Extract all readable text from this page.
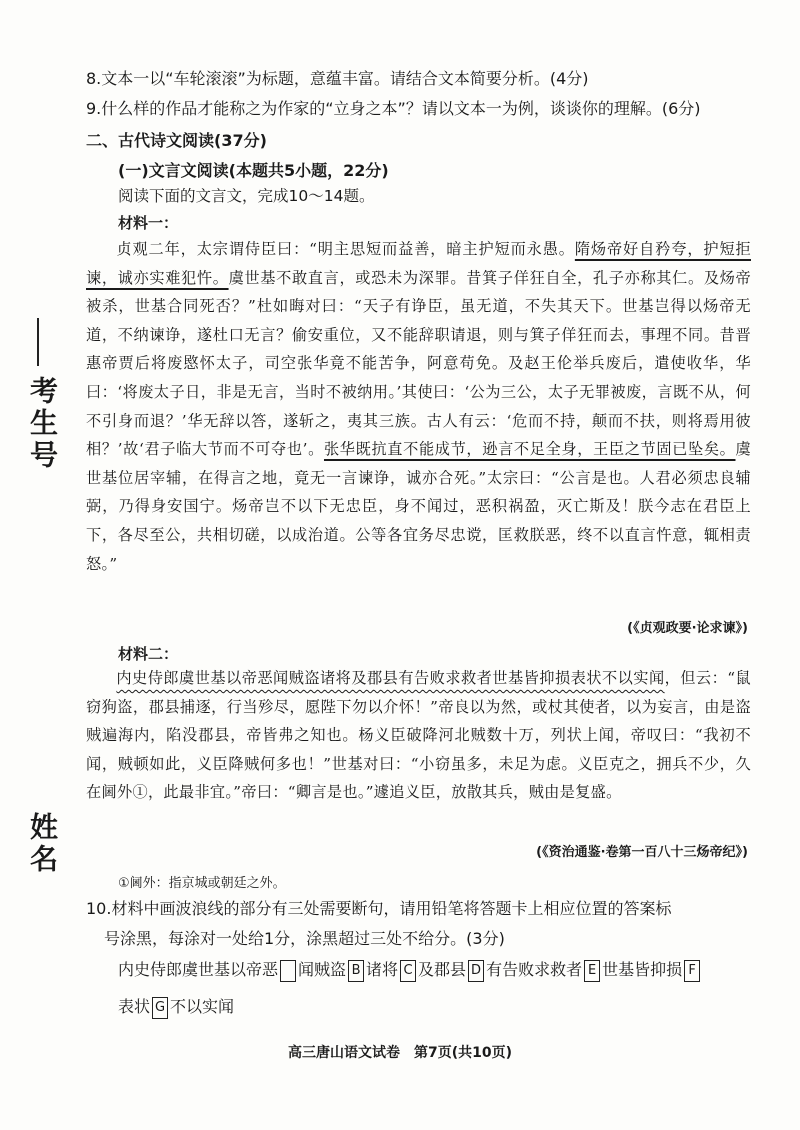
考生号
姓名
8.文本一以“车轮滚滚”为标题，意蕴丰富。请结合文本简要分析。(4分)
9.什么样的作品才能称之为作家的“立身之本”？请以文本一为例，谈谈你的理解。(6分)
二、古代诗文阅读(37分)
(一)文言文阅读(本题共5小题，22分)
阅读下面的文言文，完成10～14题。
材料一：
贞观二年，太宗谓侍臣曰：“明主思短而益善，暗主护短而永愚。隋炀帝好自矜夸，护短拒谏，诚亦实难犯忤。虞世基不敢直言，或恐未为深罪。昔箕子佯狂自全，孔子亦称其仁。及炀帝被杀，世基合同死否？”杜如晦对曰：“天子有诤臣，虽无道，不失其天下。世基岂得以炀帝无道，不纳谏诤，遂杜口无言？偷安重位，又不能辞职请退，则与箕子佯狂而去，事理不同。昔晋惠帝贾后将废愍怀太子，司空张华竟不能苦争，阿意苟免。及赵王伦举兵废后，遣使收华，华曰：‘将废太子日，非是无言，当时不被纳用。’其使曰：‘公为三公，太子无罪被废，言既不从，何不引身而退？’华无辞以答，遂斩之，夷其三族。古人有云：‘危而不持，颠而不扶，则将焉用彼相？’故‘君子临大节而不可夺也’。张华既抗直不能成节，逊言不足全身，王臣之节固已坠矣。虞世基位居宰辅，在得言之地，竟无一言谏诤，诚亦合死。”太宗曰：“公言是也。人君必须忠良辅弼，乃得身安国宁。炀帝岂不以下无忠臣，身不闻过，恶积祸盈，灭亡斯及！朕今志在君臣上下，各尽至公，共相切磋，以成治道。公等各宜务尽忠谠，匡救朕恶，终不以直言忤意，辄相责怒。”
(《贞观政要·论求谏》)
材料二：
内史侍郎虞世基以帝恶闻贼盗诸将及郡县有告败求救者世基皆抑损表状不以实闻，但云：“鼠窃狗盗，郡县捕逐，行当殄尽，愿陛下勿以介怀！”帝良以为然，或杖其使者，以为妄言，由是盗贼遍海内，陷没郡县，帝皆弗之知也。杨义臣破降河北贼数十万，列状上闻，帝叹曰：“我初不闻，贼顿如此，义臣降贼何多也！”世基对曰：“小窃虽多，未足为虑。义臣克之，拥兵不少，久在阃外①，此最非宜。”帝曰：“卿言是也。”遽追义臣，放散其兵，贼由是复盛。
(《资治通鉴·卷第一百八十三炀帝纪》)
①阃外：指京城或朝廷之外。
10.材料中画波浪线的部分有三处需要断句，请用铅笔将答题卡上相应位置的答案标
号涂黑，每涂对一处给1分，涂黑超过三处不给分。(3分)
内史侍郎虞世基以帝恶 闻贼盗 B 诸将 C 及郡县 D 有告败求救者 E 世基皆抑损 F
表状 G 不以实闻
高三唐山语文试卷　第7页(共10页)
